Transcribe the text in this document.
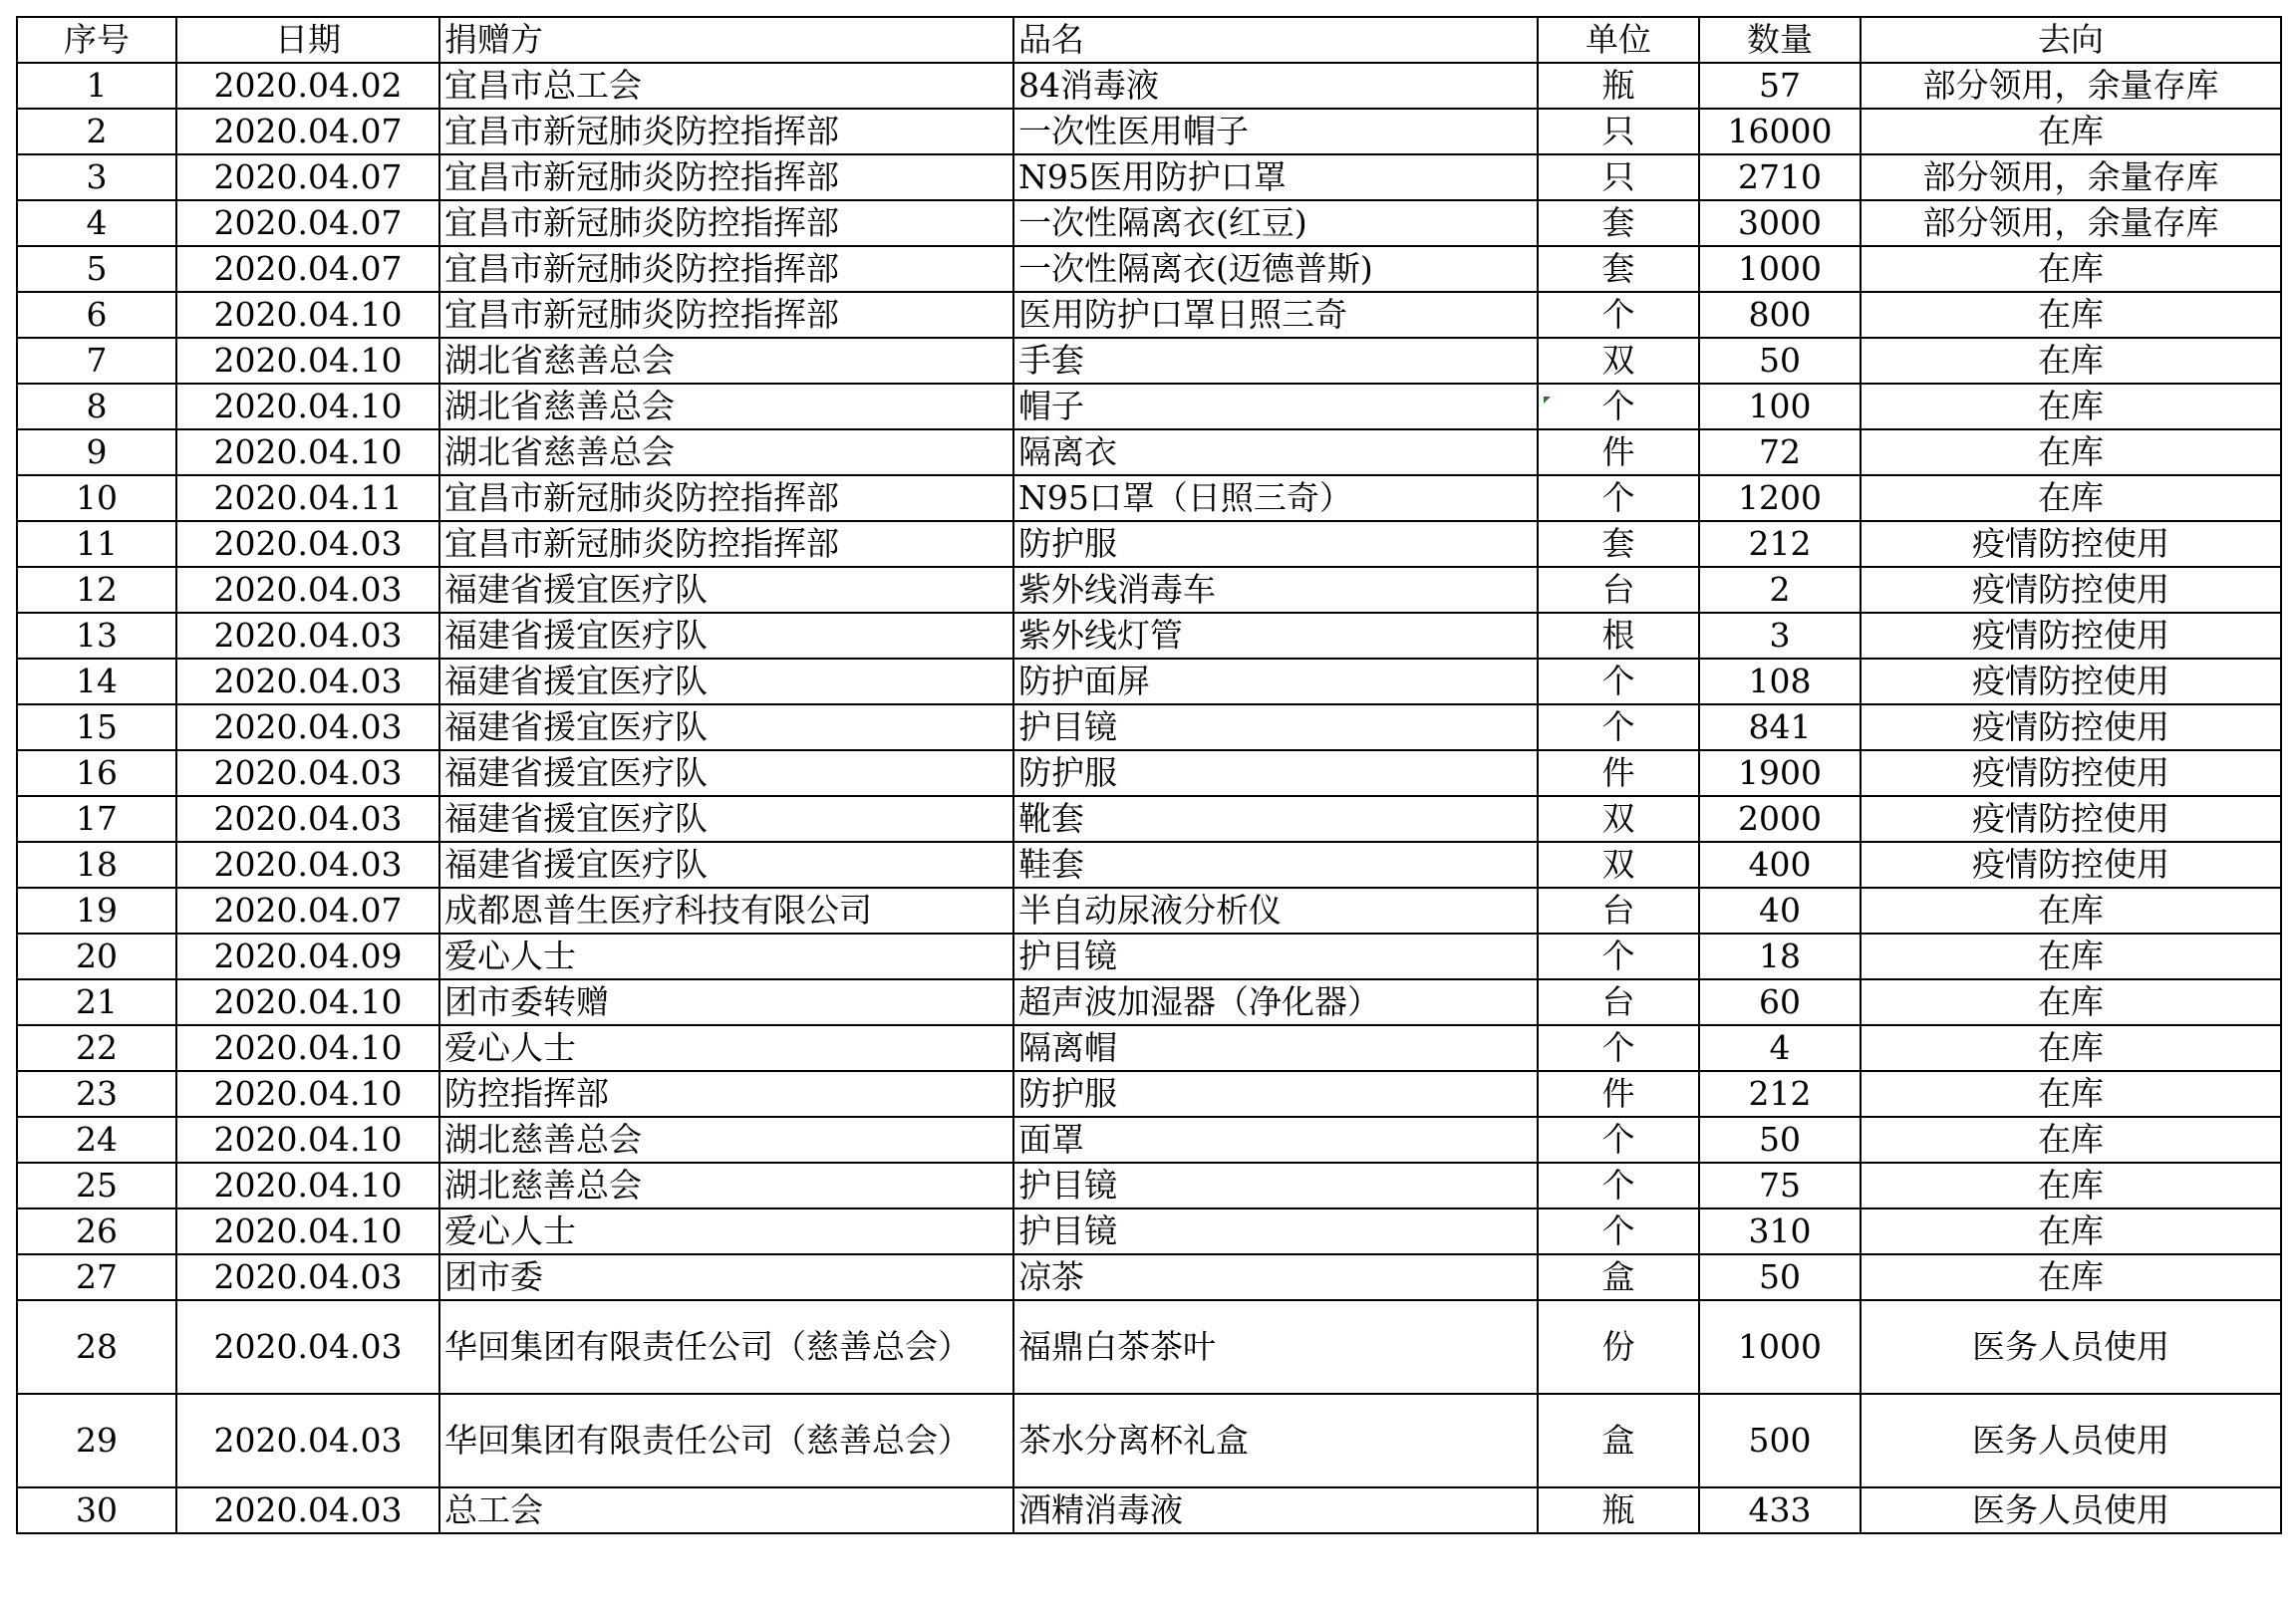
序号	日期	捐赠方	品名	单位	数量	去向
1	2020.04.02	宜昌市总工会	84消毒液	瓶	57	部分领用，余量存库
2	2020.04.07	宜昌市新冠肺炎防控指挥部	一次性医用帽子	只	16000	在库
3	2020.04.07	宜昌市新冠肺炎防控指挥部	N95医用防护口罩	只	2710	部分领用，余量存库
4	2020.04.07	宜昌市新冠肺炎防控指挥部	一次性隔离衣(红豆)	套	3000	部分领用，余量存库
5	2020.04.07	宜昌市新冠肺炎防控指挥部	一次性隔离衣(迈德普斯)	套	1000	在库
6	2020.04.10	宜昌市新冠肺炎防控指挥部	医用防护口罩日照三奇	个	800	在库
7	2020.04.10	湖北省慈善总会	手套	双	50	在库
8	2020.04.10	湖北省慈善总会	帽子	个	100	在库
9	2020.04.10	湖北省慈善总会	隔离衣	件	72	在库
10	2020.04.11	宜昌市新冠肺炎防控指挥部	N95口罩（日照三奇）	个	1200	在库
11	2020.04.03	宜昌市新冠肺炎防控指挥部	防护服	套	212	疫情防控使用
12	2020.04.03	福建省援宜医疗队	紫外线消毒车	台	2	疫情防控使用
13	2020.04.03	福建省援宜医疗队	紫外线灯管	根	3	疫情防控使用
14	2020.04.03	福建省援宜医疗队	防护面屏	个	108	疫情防控使用
15	2020.04.03	福建省援宜医疗队	护目镜	个	841	疫情防控使用
16	2020.04.03	福建省援宜医疗队	防护服	件	1900	疫情防控使用
17	2020.04.03	福建省援宜医疗队	靴套	双	2000	疫情防控使用
18	2020.04.03	福建省援宜医疗队	鞋套	双	400	疫情防控使用
19	2020.04.07	成都恩普生医疗科技有限公司	半自动尿液分析仪	台	40	在库
20	2020.04.09	爱心人士	护目镜	个	18	在库
21	2020.04.10	团市委转赠	超声波加湿器（净化器）	台	60	在库
22	2020.04.10	爱心人士	隔离帽	个	4	在库
23	2020.04.10	防控指挥部	防护服	件	212	在库
24	2020.04.10	湖北慈善总会	面罩	个	50	在库
25	2020.04.10	湖北慈善总会	护目镜	个	75	在库
26	2020.04.10	爱心人士	护目镜	个	310	在库
27	2020.04.03	团市委	凉茶	盒	50	在库
28	2020.04.03	华回集团有限责任公司（慈善总会）	福鼎白茶茶叶	份	1000	医务人员使用
29	2020.04.03	华回集团有限责任公司（慈善总会）	茶水分离杯礼盒	盒	500	医务人员使用
30	2020.04.03	总工会	酒精消毒液	瓶	433	医务人员使用
